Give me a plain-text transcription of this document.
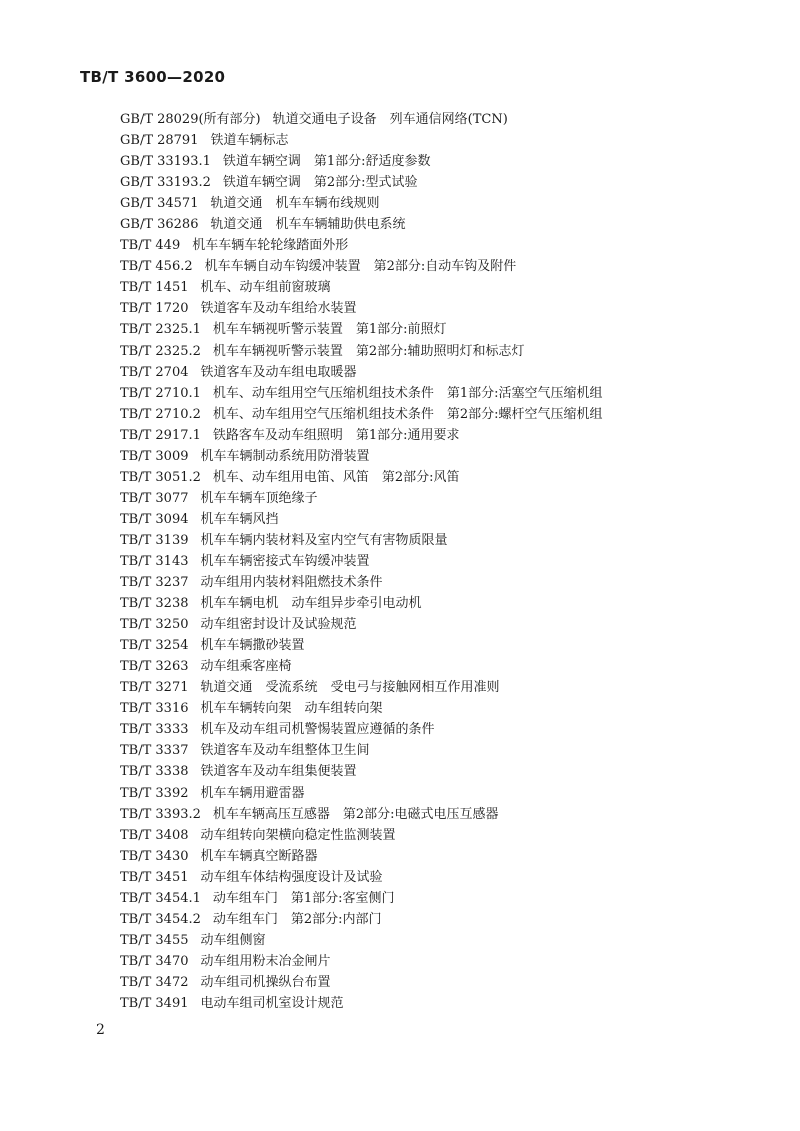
TB/T 3600—2020
GB/T 28029(所有部分) 轨道交通电子设备　列车通信网络(TCN)
GB/T 28791 铁道车辆标志
GB/T 33193.1 铁道车辆空调　第1部分:舒适度参数
GB/T 33193.2 铁道车辆空调　第2部分:型式试验
GB/T 34571 轨道交通　机车车辆布线规则
GB/T 36286 轨道交通　机车车辆辅助供电系统
TB/T 449 机车车辆车轮轮缘踏面外形
TB/T 456.2 机车车辆自动车钩缓冲装置　第2部分:自动车钩及附件
TB/T 1451 机车、动车组前窗玻璃
TB/T 1720 铁道客车及动车组给水装置
TB/T 2325.1 机车车辆视听警示装置　第1部分:前照灯
TB/T 2325.2 机车车辆视听警示装置　第2部分:辅助照明灯和标志灯
TB/T 2704 铁道客车及动车组电取暖器
TB/T 2710.1 机车、动车组用空气压缩机组技术条件　第1部分:活塞空气压缩机组
TB/T 2710.2 机车、动车组用空气压缩机组技术条件　第2部分:螺杆空气压缩机组
TB/T 2917.1 铁路客车及动车组照明　第1部分:通用要求
TB/T 3009 机车车辆制动系统用防滑装置
TB/T 3051.2 机车、动车组用电笛、风笛　第2部分:风笛
TB/T 3077 机车车辆车顶绝缘子
TB/T 3094 机车车辆风挡
TB/T 3139 机车车辆内装材料及室内空气有害物质限量
TB/T 3143 机车车辆密接式车钩缓冲装置
TB/T 3237 动车组用内装材料阻燃技术条件
TB/T 3238 机车车辆电机　动车组异步牵引电动机
TB/T 3250 动车组密封设计及试验规范
TB/T 3254 机车车辆撒砂装置
TB/T 3263 动车组乘客座椅
TB/T 3271 轨道交通　受流系统　受电弓与接触网相互作用准则
TB/T 3316 机车车辆转向架　动车组转向架
TB/T 3333 机车及动车组司机警惕装置应遵循的条件
TB/T 3337 铁道客车及动车组整体卫生间
TB/T 3338 铁道客车及动车组集便装置
TB/T 3392 机车车辆用避雷器
TB/T 3393.2 机车车辆高压互感器　第2部分:电磁式电压互感器
TB/T 3408 动车组转向架横向稳定性监测装置
TB/T 3430 机车车辆真空断路器
TB/T 3451 动车组车体结构强度设计及试验
TB/T 3454.1 动车组车门　第1部分:客室侧门
TB/T 3454.2 动车组车门　第2部分:内部门
TB/T 3455 动车组侧窗
TB/T 3470 动车组用粉末冶金闸片
TB/T 3472 动车组司机操纵台布置
TB/T 3491 电动车组司机室设计规范
2
